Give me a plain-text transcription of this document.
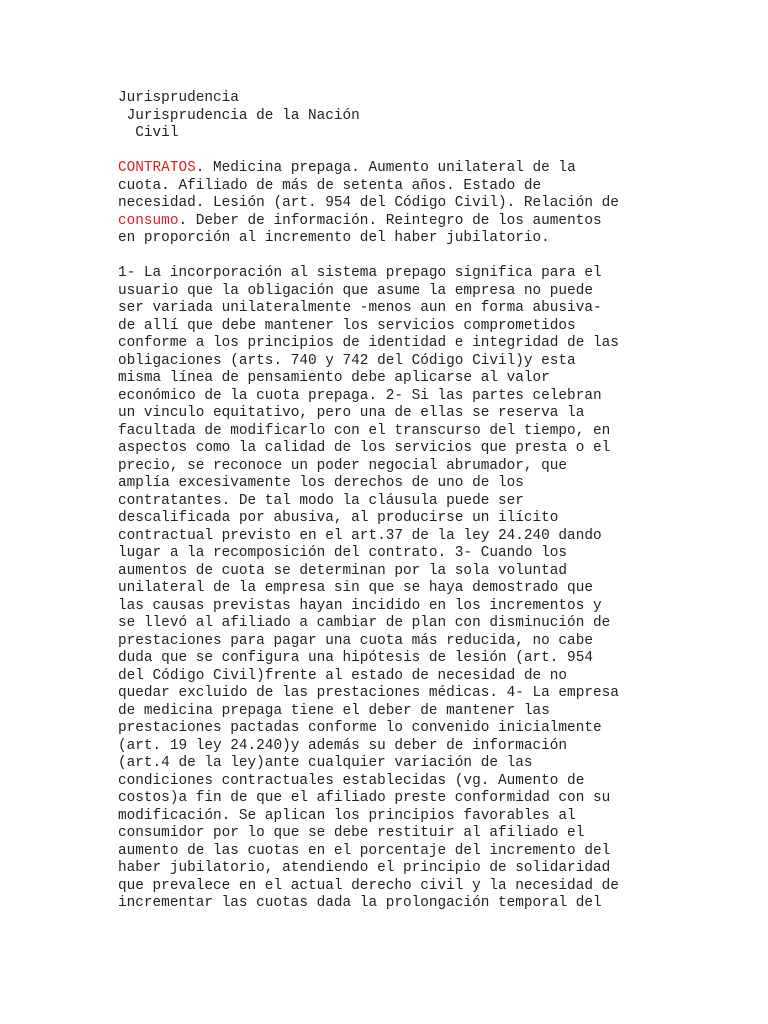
Jurisprudencia
Jurisprudencia de la Nación
Civil
CONTRATOS. Medicina prepaga. Aumento unilateral de la
cuota. Afiliado de más de setenta años. Estado de
necesidad. Lesión (art. 954 del Código Civil). Relación de
consumo. Deber de información. Reintegro de los aumentos
en proporción al incremento del haber jubilatorio.
1- La incorporación al sistema prepago significa para el
usuario que la obligación que asume la empresa no puede
ser variada unilateralmente -menos aun en forma abusiva-
de allí que debe mantener los servicios comprometidos
conforme a los principios de identidad e integridad de las
obligaciones (arts. 740 y 742 del Código Civil)y esta
misma línea de pensamiento debe aplicarse al valor
económico de la cuota prepaga. 2- Si las partes celebran
un vinculo equitativo, pero una de ellas se reserva la
facultada de modificarlo con el transcurso del tiempo, en
aspectos como la calidad de los servicios que presta o el
precio, se reconoce un poder negocial abrumador, que
amplía excesivamente los derechos de uno de los
contratantes. De tal modo la cláusula puede ser
descalificada por abusiva, al producirse un ilícito
contractual previsto en el art.37 de la ley 24.240 dando
lugar a la recomposición del contrato. 3- Cuando los
aumentos de cuota se determinan por la sola voluntad
unilateral de la empresa sin que se haya demostrado que
las causas previstas hayan incidido en los incrementos y
se llevó al afiliado a cambiar de plan con disminución de
prestaciones para pagar una cuota más reducida, no cabe
duda que se configura una hipótesis de lesión (art. 954
del Código Civil)frente al estado de necesidad de no
quedar excluido de las prestaciones médicas. 4- La empresa
de medicina prepaga tiene el deber de mantener las
prestaciones pactadas conforme lo convenido inicialmente
(art. 19 ley 24.240)y además su deber de información
(art.4 de la ley)ante cualquier variación de las
condiciones contractuales establecidas (vg. Aumento de
costos)a fin de que el afiliado preste conformidad con su
modificación. Se aplican los principios favorables al
consumidor por lo que se debe restituir al afiliado el
aumento de las cuotas en el porcentaje del incremento del
haber jubilatorio, atendiendo el principio de solidaridad
que prevalece en el actual derecho civil y la necesidad de
incrementar las cuotas dada la prolongación temporal del
